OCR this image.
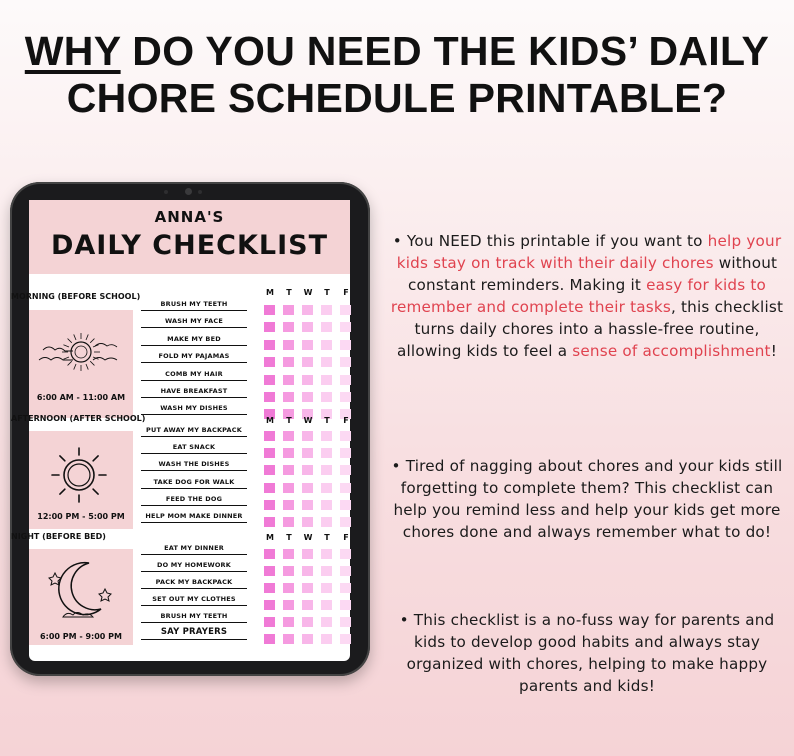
WHY DO YOU NEED THE KIDS’ DAILY
CHORE SCHEDULE PRINTABLE?
ANNA'S
DAILY CHECKLIST
MORNING (BEFORE SCHOOL)
6:00 AM - 11:00 AM
M T W T F
BRUSH MY TEETH
WASH MY FACE
MAKE MY BED
FOLD MY PAJAMAS
COMB MY HAIR
HAVE BREAKFAST
WASH MY DISHES
AFTERNOON (AFTER SCHOOL)
12:00 PM - 5:00 PM
M T W T F
PUT AWAY MY BACKPACK
EAT SNACK
WASH THE DISHES
TAKE DOG FOR WALK
FEED THE DOG
HELP MOM MAKE DINNER
NIGHT (BEFORE BED)
6:00 PM - 9:00 PM
M T W T F
EAT MY DINNER
DO MY HOMEWORK
PACK MY BACKPACK
SET OUT MY CLOTHES
BRUSH MY TEETH
SAY PRAYERS
• You NEED this printable if you want to help your kids stay on track with their daily chores without constant reminders. Making it easy for kids to remember and complete their tasks, this checklist turns daily chores into a hassle-free routine, allowing kids to feel a sense of accomplishment!
• Tired of nagging about chores and your kids still forgetting to complete them? This checklist can help you remind less and help your kids get more chores done and always remember what to do!
• This checklist is a no-fuss way for parents and kids to develop good habits and always stay organized with chores, helping to make happy parents and kids!
